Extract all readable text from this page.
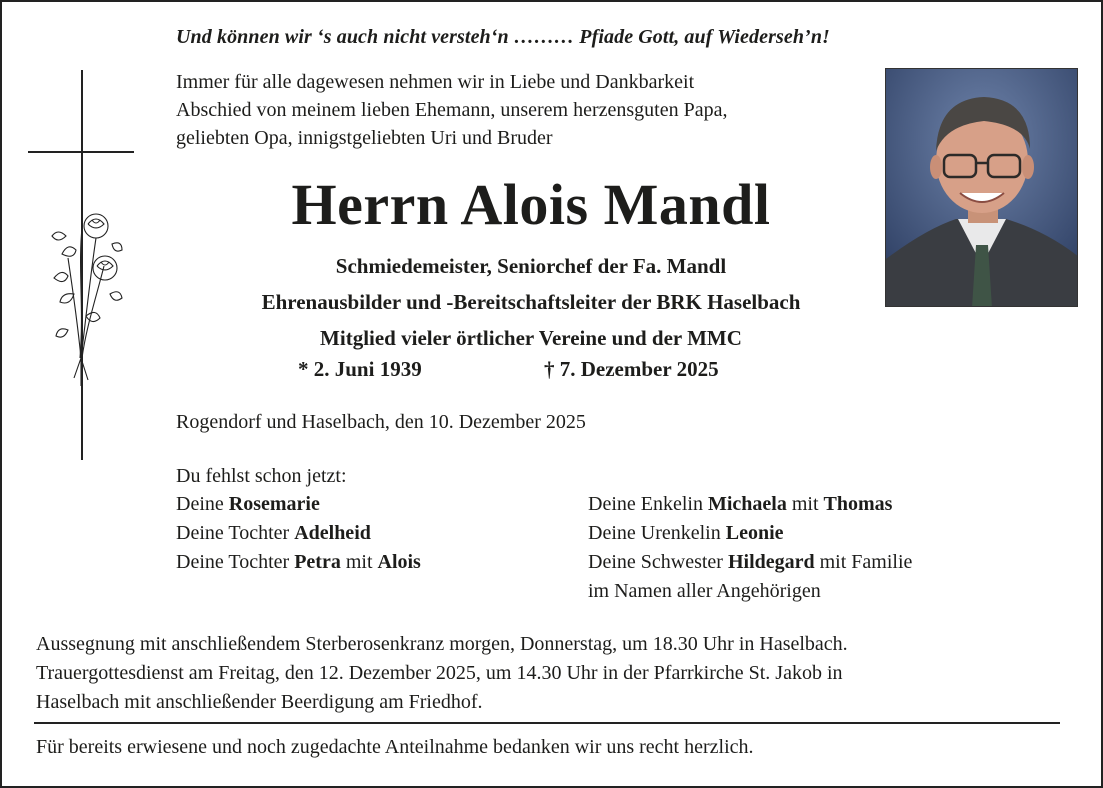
Und können wir ‘s auch nicht versteh‘n ……… Pfiade Gott, auf Wiederseh’n!
Immer für alle dagewesen nehmen wir in Liebe und Dankbarkeit
Abschied von meinem lieben Ehemann, unserem herzensguten Papa,
geliebten Opa, innigstgeliebten Uri und Bruder
Herrn Alois Mandl
Schmiedemeister, Seniorchef der Fa. Mandl
Ehrenausbilder und -Bereitschaftsleiter der BRK Haselbach
Mitglied vieler örtlicher Vereine und der MMC
* 2. Juni 1939	† 7. Dezember 2025
Rogendorf und Haselbach, den 10. Dezember 2025
Du fehlst schon jetzt:
Deine Rosemarie
Deine Tochter Adelheid
Deine Tochter Petra mit Alois
Deine Enkelin Michaela mit Thomas
Deine Urenkelin Leonie
Deine Schwester Hildegard mit Familie
im Namen aller Angehörigen
Aussegnung mit anschließendem Sterberosenkranz morgen, Donnerstag, um 18.30 Uhr in Haselbach.
Trauergottesdienst am Freitag, den 12. Dezember 2025, um 14.30 Uhr in der Pfarrkirche St. Jakob in
Haselbach mit anschließender Beerdigung am Friedhof.
Für bereits erwiesene und noch zugedachte Anteilnahme bedanken wir uns recht herzlich.
